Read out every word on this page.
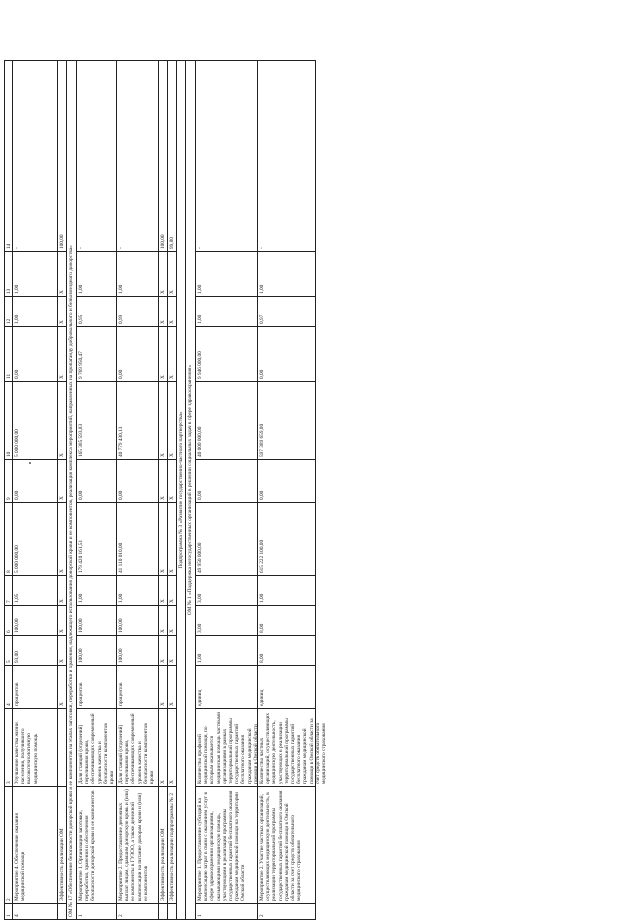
1
2
3
4
5
6
7
8
9
10
11
12
13
14
4
Мероприятие 4. Обеспечение оказания медицинской помощи
Улучшение качества жизни населения, получившего высокотехнологичную медицинскую помощь
процентов
93,00
100,00
1,05
5 000 000,00
0,00
5 000 000,00
0,00
1,00
1,00
-
Эффективность реализации ОМ
X
X
X
X
X
X
X
X
X
X
100,00
ОМ № 17 «Обеспечение безопасности донорской крови и ее компонентов на этапах заготовки, переработки и хранения, надлежащего использования донорской крови и ее компонентов, реализация комплекса мероприятий, направленных на пропаганду добровольного и безвозмездного донорства» 1
Мероприятие 1. Организация заготовки, переработки, хранения и обеспечения безопасности донорской крови и ее компонентов
Доля станций (отделений) переливания крови, обеспечивающих современный уровень качества и безопасности компонентов крови
процентов
100,00
100,00
1,00
179 420 161,51
0,00
165 385 593,83
9 769 950,47
0,95
1,00
-
2
Мероприятие 2. Предоставление денежных выплат лицам, сдавшим донорскую кровь и (или) ее компоненты в ГУЗОО, а также денежной компенсации на питание донорам крови и (или) ее компонентов
Доля станций (отделений) переливания крови, обеспечивающих современный уровень качества и безопасности компонентов крови
процентов
100,00
100,00
1,00
41 110 010,00
0,00
40 779 430,13
0,00
0,99
1,00
-
Эффективность реализации ОМ
X
X
X
X
X
X
X
X
X
X
X
100,00
Эффективность реализации подпрограммы № 2
X
X
X
X
X
X
X
X
X
X
X
99,80
Подпрограмма № 3 «Развитие государственно-частного партнерства» ОМ № 1 «Поддержка негосударственных организаций в решении социальных задач в сфере здравоохранения»
1
Мероприятие 1. Предоставление субсидий на компенсацию затрат в связи с оказанием услуг в сфере здравоохранения организациями, оказывающими медицинскую помощь, участвующими в реализации программы государственных гарантий бесплатного оказания гражданам медицинской помощи на территории Омской области
Количество профилей медицинской помощи, по которым оказывается медицинская помощь частными организациями в рамках территориальной программы государственных гарантий бесплатного оказания гражданам медицинской помощи в Омской области
единиц
1,00
3,00
3,00
49 950 000,00
0,00
40 000 000,00
9 946 000,00
1,00
1,00
-
2
Мероприятие 2. Участие частных организаций, осуществляющих медицинскую деятельность, в реализации территориальной программы государственных гарантий бесплатного оказания гражданам медицинской помощи в Омской области за счет средств обязательного медицинского страхования
Количество частных организаций, осуществляющих медицинскую деятельность, участвующих в реализации территориальной программы государственных гарантий бесплатного оказания гражданам медицинской помощи в Омской области за счет средств обязательного медицинского страхования
единиц
8,00
8,00
1,00
615 222 100,00
0,00
597 389 659,00
0,00
0,97
1,00
-
